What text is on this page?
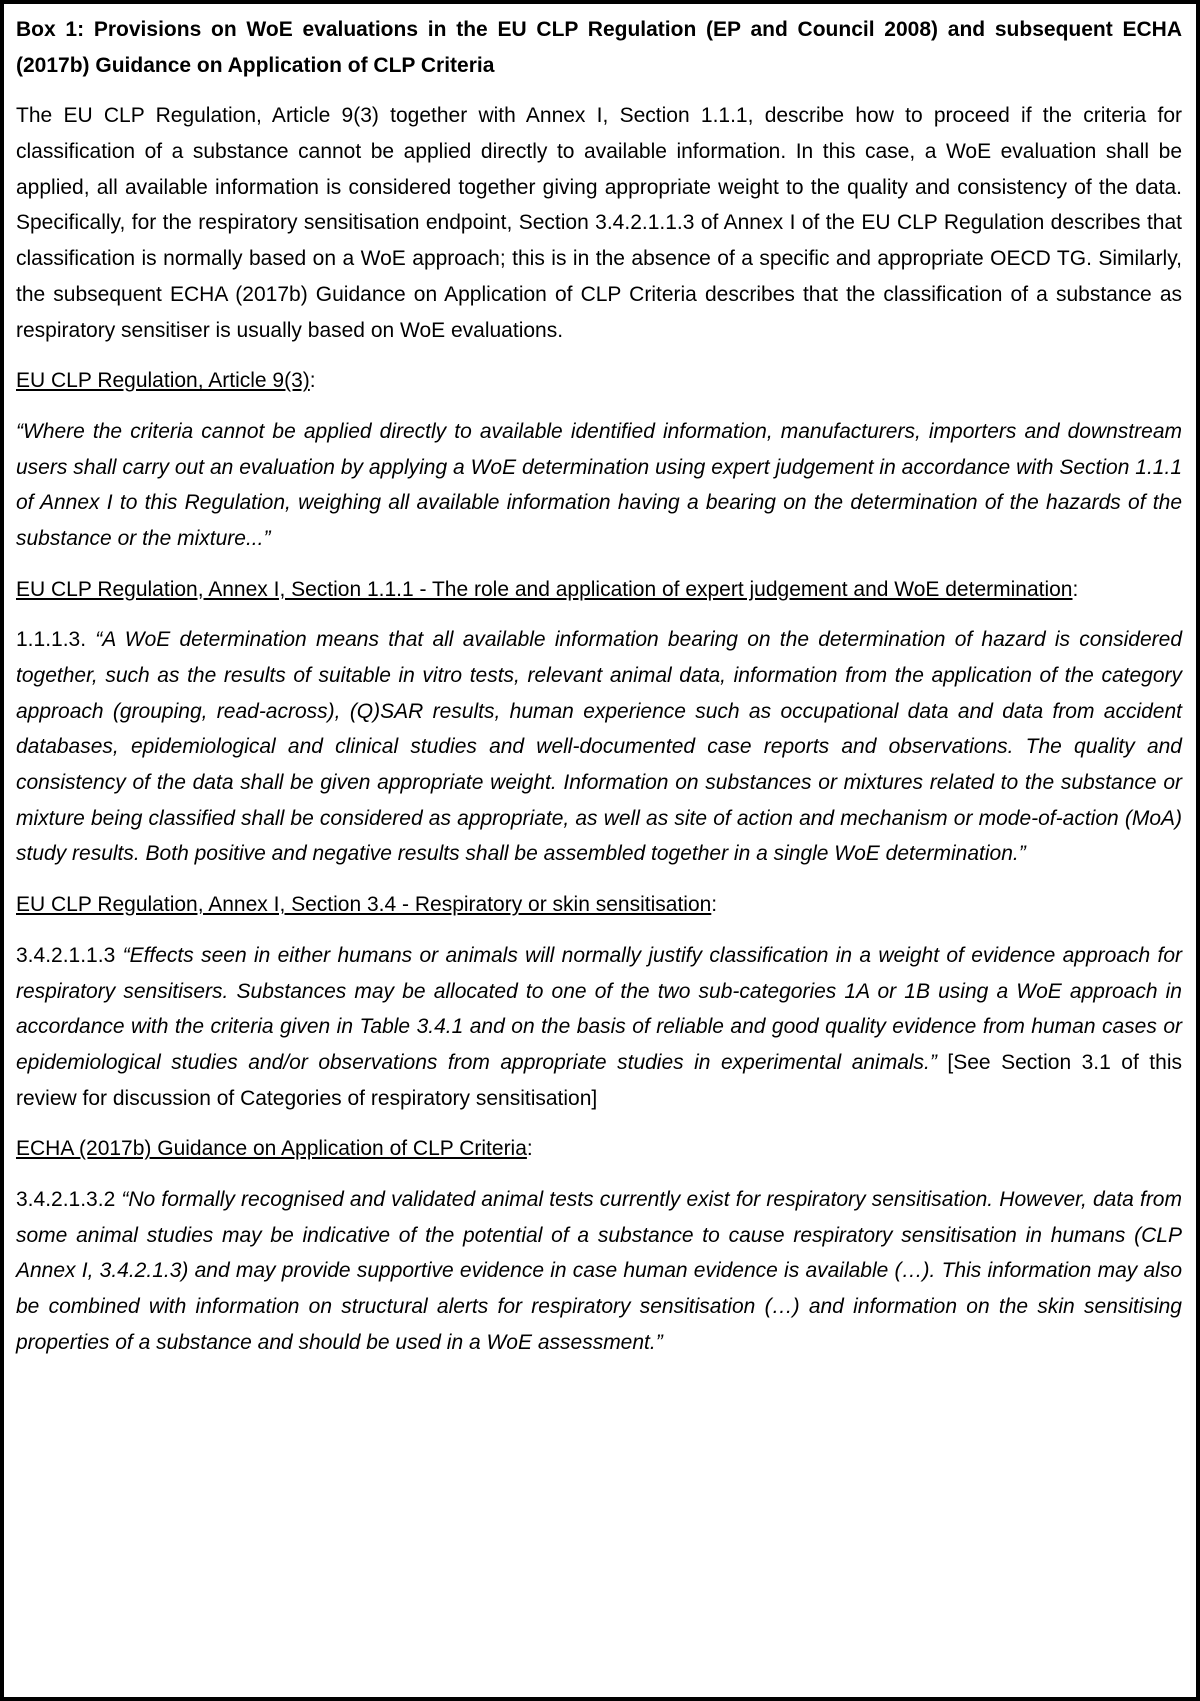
Box 1: Provisions on WoE evaluations in the EU CLP Regulation (EP and Council 2008) and subsequent ECHA (2017b) Guidance on Application of CLP Criteria

The EU CLP Regulation, Article 9(3) together with Annex I, Section 1.1.1, describe how to proceed if the criteria for classification of a substance cannot be applied directly to available information. In this case, a WoE evaluation shall be applied, all available information is considered together giving appropriate weight to the quality and consistency of the data. Specifically, for the respiratory sensitisation endpoint, Section 3.4.2.1.1.3 of Annex I of the EU CLP Regulation describes that classification is normally based on a WoE approach; this is in the absence of a specific and appropriate OECD TG. Similarly, the subsequent ECHA (2017b) Guidance on Application of CLP Criteria describes that the classification of a substance as respiratory sensitiser is usually based on WoE evaluations.

EU CLP Regulation, Article 9(3):

“Where the criteria cannot be applied directly to available identified information, manufacturers, importers and downstream users shall carry out an evaluation by applying a WoE determination using expert judgement in accordance with Section 1.1.1 of Annex I to this Regulation, weighing all available information having a bearing on the determination of the hazards of the substance or the mixture...”

EU CLP Regulation, Annex I, Section 1.1.1 - The role and application of expert judgement and WoE determination:

1.1.1.3. “A WoE determination means that all available information bearing on the determination of hazard is considered together, such as the results of suitable in vitro tests, relevant animal data, information from the application of the category approach (grouping, read-across), (Q)SAR results, human experience such as occupational data and data from accident databases, epidemiological and clinical studies and well-documented case reports and observations. The quality and consistency of the data shall be given appropriate weight. Information on substances or mixtures related to the substance or mixture being classified shall be considered as appropriate, as well as site of action and mechanism or mode-of-action (MoA) study results. Both positive and negative results shall be assembled together in a single WoE determination.”

EU CLP Regulation, Annex I, Section 3.4 - Respiratory or skin sensitisation:

3.4.2.1.1.3 “Effects seen in either humans or animals will normally justify classification in a weight of evidence approach for respiratory sensitisers. Substances may be allocated to one of the two sub-categories 1A or 1B using a WoE approach in accordance with the criteria given in Table 3.4.1 and on the basis of reliable and good quality evidence from human cases or epidemiological studies and/or observations from appropriate studies in experimental animals.” [See Section 3.1 of this review for discussion of Categories of respiratory sensitisation]

ECHA (2017b) Guidance on Application of CLP Criteria:

3.4.2.1.3.2 “No formally recognised and validated animal tests currently exist for respiratory sensitisation. However, data from some animal studies may be indicative of the potential of a substance to cause respiratory sensitisation in humans (CLP Annex I, 3.4.2.1.3) and may provide supportive evidence in case human evidence is available (…). This information may also be combined with information on structural alerts for respiratory sensitisation (…) and information on the skin sensitising properties of a substance and should be used in a WoE assessment.”
